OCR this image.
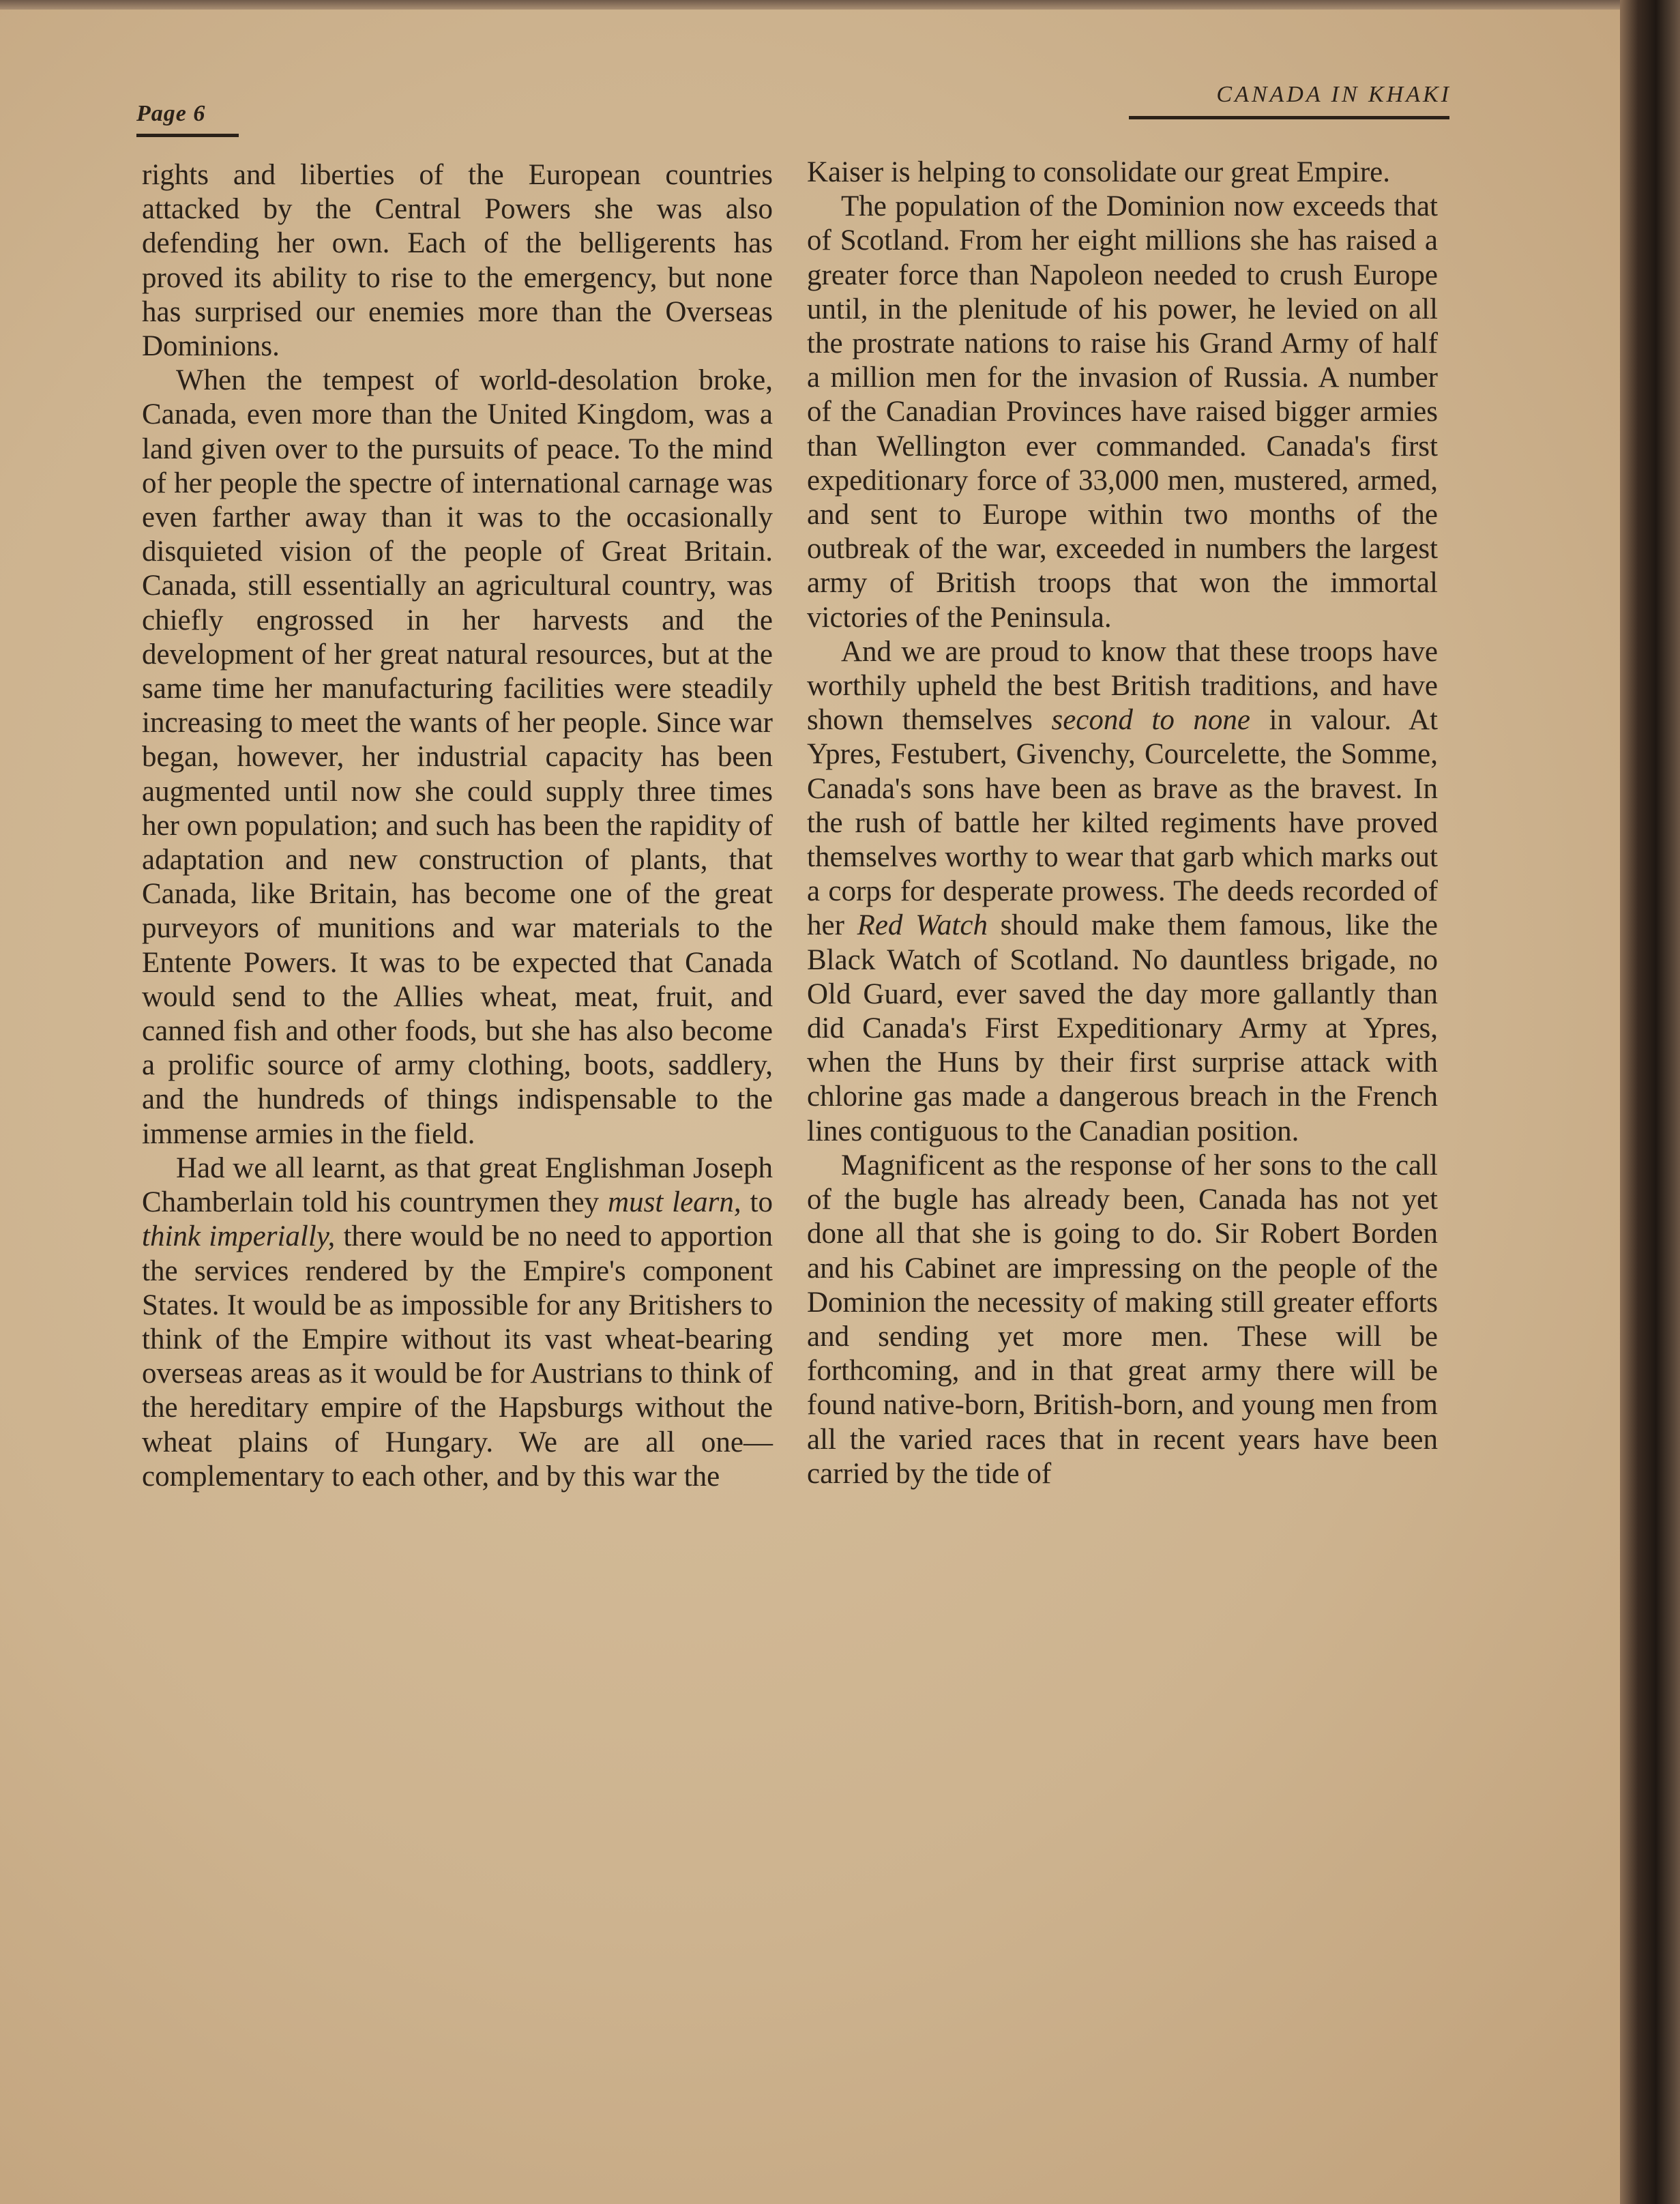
Page 6
CANADA IN KHAKI

rights and liberties of the European countries attacked by the Central Powers she was also defending her own. Each of the belligerents has proved its ability to rise to the emergency, but none has surprised our enemies more than the Overseas Dominions.

When the tempest of world-desolation broke, Canada, even more than the United Kingdom, was a land given over to the pursuits of peace. To the mind of her people the spectre of international carnage was even farther away than it was to the occasionally disquieted vision of the people of Great Britain. Canada, still essentially an agricultural country, was chiefly engrossed in her harvests and the development of her great natural resources, but at the same time her manufacturing facilities were steadily increasing to meet the wants of her people. Since war began, however, her industrial capacity has been augmented until now she could supply three times her own population; and such has been the rapidity of adaptation and new construction of plants, that Canada, like Britain, has become one of the great purveyors of munitions and war materials to the Entente Powers. It was to be expected that Canada would send to the Allies wheat, meat, fruit, and canned fish and other foods, but she has also become a prolific source of army clothing, boots, saddlery, and the hundreds of things indispensable to the immense armies in the field.

Had we all learnt, as that great Englishman Joseph Chamberlain told his countrymen they must learn, to think imperially, there would be no need to apportion the services rendered by the Empire's component States. It would be as impossible for any Britishers to think of the Empire without its vast wheat-bearing overseas areas as it would be for Austrians to think of the hereditary empire of the Hapsburgs without the wheat plains of Hungary. We are all one—complementary to each other, and by this war the

Kaiser is helping to consolidate our great Empire.

The population of the Dominion now exceeds that of Scotland. From her eight millions she has raised a greater force than Napoleon needed to crush Europe until, in the plenitude of his power, he levied on all the prostrate nations to raise his Grand Army of half a million men for the invasion of Russia. A number of the Canadian Provinces have raised bigger armies than Wellington ever commanded. Canada's first expeditionary force of 33,000 men, mustered, armed, and sent to Europe within two months of the outbreak of the war, exceeded in numbers the largest army of British troops that won the immortal victories of the Peninsula.

And we are proud to know that these troops have worthily upheld the best British traditions, and have shown themselves second to none in valour. At Ypres, Festubert, Givenchy, Courcelette, the Somme, Canada's sons have been as brave as the bravest. In the rush of battle her kilted regiments have proved themselves worthy to wear that garb which marks out a corps for desperate prowess. The deeds recorded of her Red Watch should make them famous, like the Black Watch of Scotland. No dauntless brigade, no Old Guard, ever saved the day more gallantly than did Canada's First Expeditionary Army at Ypres, when the Huns by their first surprise attack with chlorine gas made a dangerous breach in the French lines contiguous to the Canadian position.

Magnificent as the response of her sons to the call of the bugle has already been, Canada has not yet done all that she is going to do. Sir Robert Borden and his Cabinet are impressing on the people of the Dominion the necessity of making still greater efforts and sending yet more men. These will be forthcoming, and in that great army there will be found native-born, British-born, and young men from all the varied races that in recent years have been carried by the tide of
